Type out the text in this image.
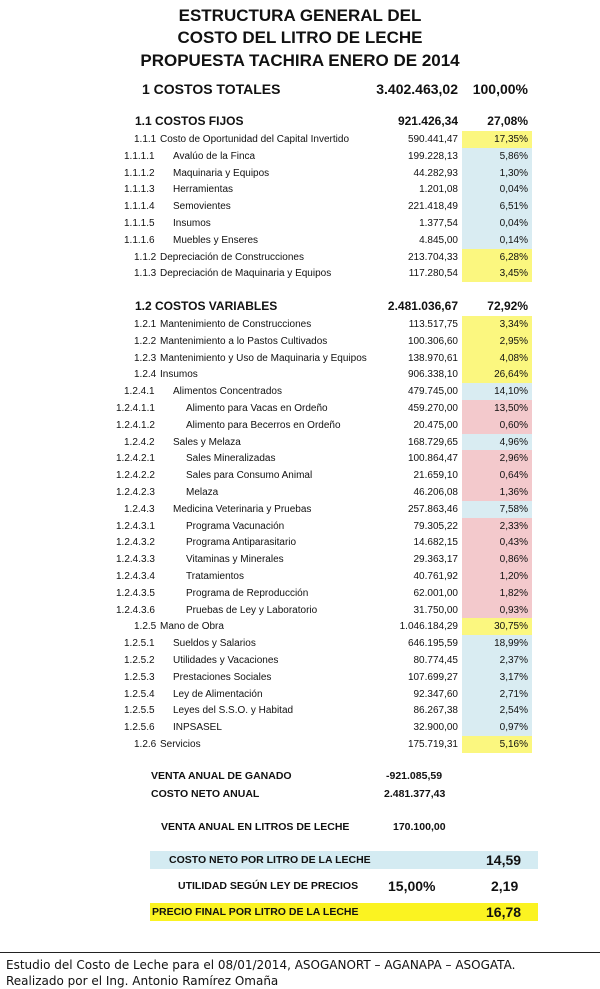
ESTRUCTURA GENERAL DEL
COSTO DEL LITRO DE LECHE
PROPUESTA TACHIRA ENERO DE 2014
1 COSTOS TOTALES	3.402.463,02	100,00%
1.1 COSTOS FIJOS	921.426,34	27,08%
1.1.1 Costo de Oportunidad del Capital Invertido	590.441,47	17,35%
1.1.1.1 Avalúo de la Finca	199.228,13	5,86%
1.1.1.2 Maquinaria y Equipos	44.282,93	1,30%
1.1.1.3 Herramientas	1.201,08	0,04%
1.1.1.4 Semovientes	221.418,49	6,51%
1.1.1.5 Insumos	1.377,54	0,04%
1.1.1.6 Muebles y Enseres	4.845,00	0,14%
1.1.2 Depreciación de Construcciones	213.704,33	6,28%
1.1.3 Depreciación de Maquinaria y Equipos	117.280,54	3,45%
1.2 COSTOS VARIABLES	2.481.036,67	72,92%
1.2.1 Mantenimiento de Construcciones	113.517,75	3,34%
1.2.2 Mantenimiento a lo Pastos Cultivados	100.306,60	2,95%
1.2.3 Mantenimiento y Uso de Maquinaria y Equipos	138.970,61	4,08%
1.2.4 Insumos	906.338,10	26,64%
1.2.4.1 Alimentos Concentrados	479.745,00	14,10%
1.2.4.1.1	Alimento para Vacas en Ordeño	459.270,00	13,50%
1.2.4.1.2	Alimento para Becerros en Ordeño	20.475,00	0,60%
1.2.4.2 Sales y Melaza	168.729,65	4,96%
1.2.4.2.1	Sales Mineralizadas	100.864,47	2,96%
1.2.4.2.2	Sales para Consumo Animal	21.659,10	0,64%
1.2.4.2.3	Melaza	46.206,08	1,36%
1.2.4.3 Medicina Veterinaria y Pruebas	257.863,46	7,58%
1.2.4.3.1	Programa Vacunación	79.305,22	2,33%
1.2.4.3.2	Programa Antiparasitario	14.682,15	0,43%
1.2.4.3.3	Vitaminas y Minerales	29.363,17	0,86%
1.2.4.3.4	Tratamientos	40.761,92	1,20%
1.2.4.3.5	Programa de Reproducción	62.001,00	1,82%
1.2.4.3.6	Pruebas de Ley y Laboratorio	31.750,00	0,93%
1.2.5 Mano de Obra	1.046.184,29	30,75%
1.2.5.1 Sueldos y Salarios	646.195,59	18,99%
1.2.5.2 Utilidades y Vacaciones	80.774,45	2,37%
1.2.5.3 Prestaciones Sociales	107.699,27	3,17%
1.2.5.4 Ley de Alimentación	92.347,60	2,71%
1.2.5.5 Leyes del S.S.O. y Habitad	86.267,38	2,54%
1.2.5.6 INPSASEL	32.900,00	0,97%
1.2.6 Servicios	175.719,31	5,16%
VENTA ANUAL DE GANADO	-921.085,59
COSTO NETO ANUAL	2.481.377,43
VENTA ANUAL EN LITROS DE LECHE	170.100,00
COSTO NETO POR LITRO DE LA LECHE	14,59
UTILIDAD SEGÚN LEY DE PRECIOS 15,00%	2,19
PRECIO FINAL POR LITRO DE LA LECHE	16,78
Estudio del Costo de Leche para el 08/01/2014, ASOGANORT – AGANAPA – ASOGATA.
Realizado por el Ing. Antonio Ramírez Omaña
